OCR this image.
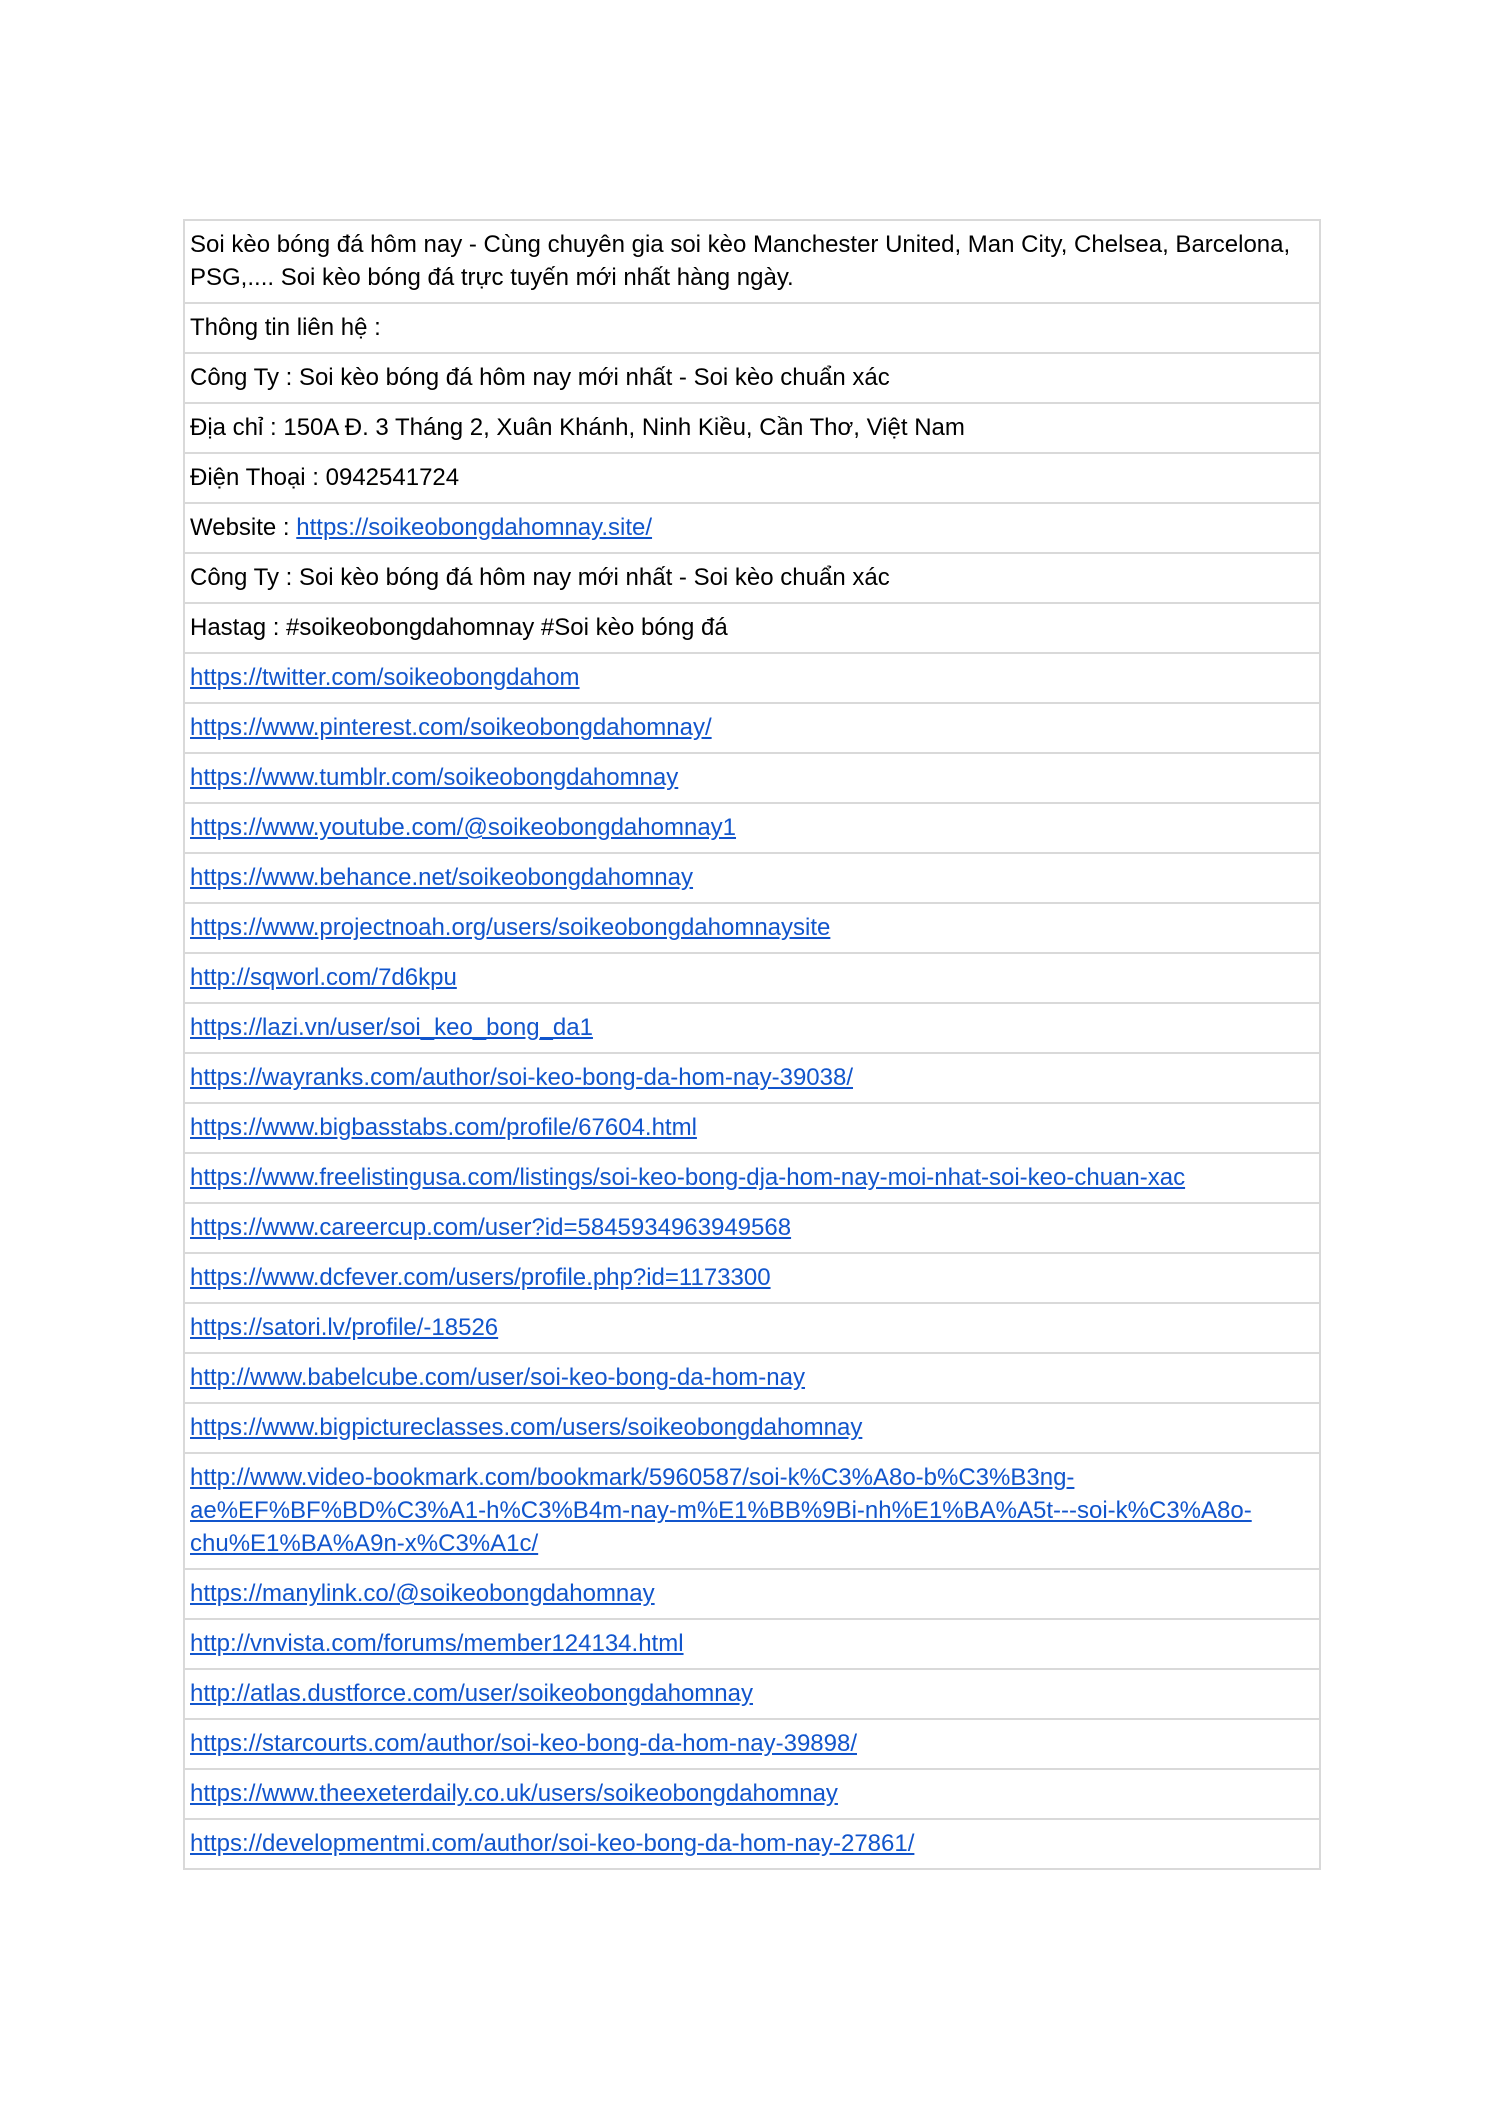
Soi kèo bóng đá hôm nay - Cùng chuyên gia soi kèo Manchester United, Man City, Chelsea, Barcelona, PSG,.... Soi kèo bóng đá trực tuyến mới nhất hàng ngày.
Thông tin liên hệ :
Công Ty : Soi kèo bóng đá hôm nay mới nhất - Soi kèo chuẩn xác
Địa chỉ : 150A Đ. 3 Tháng 2, Xuân Khánh, Ninh Kiều, Cần Thơ, Việt Nam
Điện Thoại : 0942541724
Website : https://soikeobongdahomnay.site/
Công Ty : Soi kèo bóng đá hôm nay mới nhất - Soi kèo chuẩn xác
Hastag : #soikeobongdahomnay #Soi kèo bóng đá
https://twitter.com/soikeobongdahom
https://www.pinterest.com/soikeobongdahomnay/
https://www.tumblr.com/soikeobongdahomnay
https://www.youtube.com/@soikeobongdahomnay1
https://www.behance.net/soikeobongdahomnay
https://www.projectnoah.org/users/soikeobongdahomnaysite
http://sqworl.com/7d6kpu
https://lazi.vn/user/soi_keo_bong_da1
https://wayranks.com/author/soi-keo-bong-da-hom-nay-39038/
https://www.bigbasstabs.com/profile/67604.html
https://www.freelistingusa.com/listings/soi-keo-bong-dja-hom-nay-moi-nhat-soi-keo-chuan-xac
https://www.careercup.com/user?id=5845934963949568
https://www.dcfever.com/users/profile.php?id=1173300
https://satori.lv/profile/-18526
http://www.babelcube.com/user/soi-keo-bong-da-hom-nay
https://www.bigpictureclasses.com/users/soikeobongdahomnay
http://www.video-bookmark.com/bookmark/5960587/soi-k%C3%A8o-b%C3%B3ng-ae%EF%BF%BD%C3%A1-h%C3%B4m-nay-m%E1%BB%9Bi-nh%E1%BA%A5t---soi-k%C3%A8o-chu%E1%BA%A9n-x%C3%A1c/
https://manylink.co/@soikeobongdahomnay
http://vnvista.com/forums/member124134.html
http://atlas.dustforce.com/user/soikeobongdahomnay
https://starcourts.com/author/soi-keo-bong-da-hom-nay-39898/
https://www.theexeterdaily.co.uk/users/soikeobongdahomnay
https://developmentmi.com/author/soi-keo-bong-da-hom-nay-27861/
